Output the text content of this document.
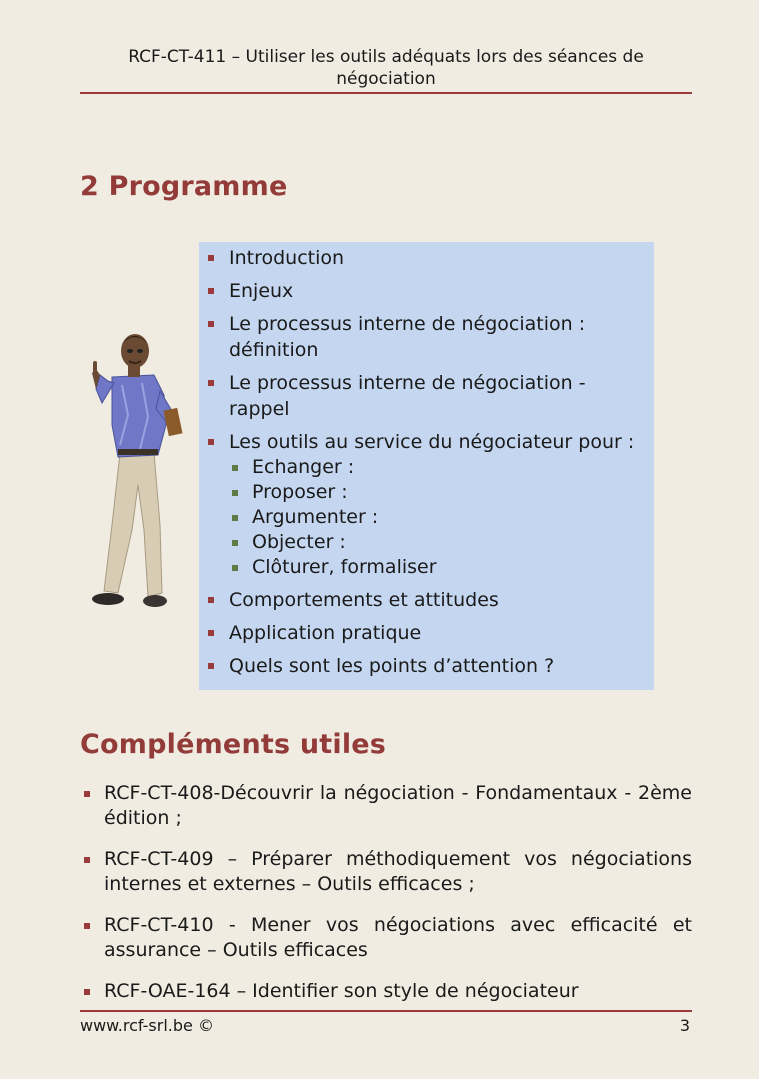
RCF-CT-411 – Utiliser les outils adéquats lors des séances de négociation
2 Programme
Introduction
Enjeux
Le processus interne de négociation : définition
Le processus interne de négociation - rappel
Les outils au service du négociateur pour :
Echanger :
Proposer :
Argumenter :
Objecter :
Clôturer, formaliser
Comportements et attitudes
Application pratique
Quels sont les points d’attention ?
Compléments utiles
RCF-CT-408-Découvrir la négociation - Fondamentaux - 2ème édition ;
RCF-CT-409 – Préparer méthodiquement vos négociations internes et externes – Outils efficaces ;
RCF-CT-410 - Mener vos négociations avec efficacité et assurance – Outils efficaces
RCF-OAE-164 – Identifier son style de négociateur
www.rcf-srl.be ©	3
